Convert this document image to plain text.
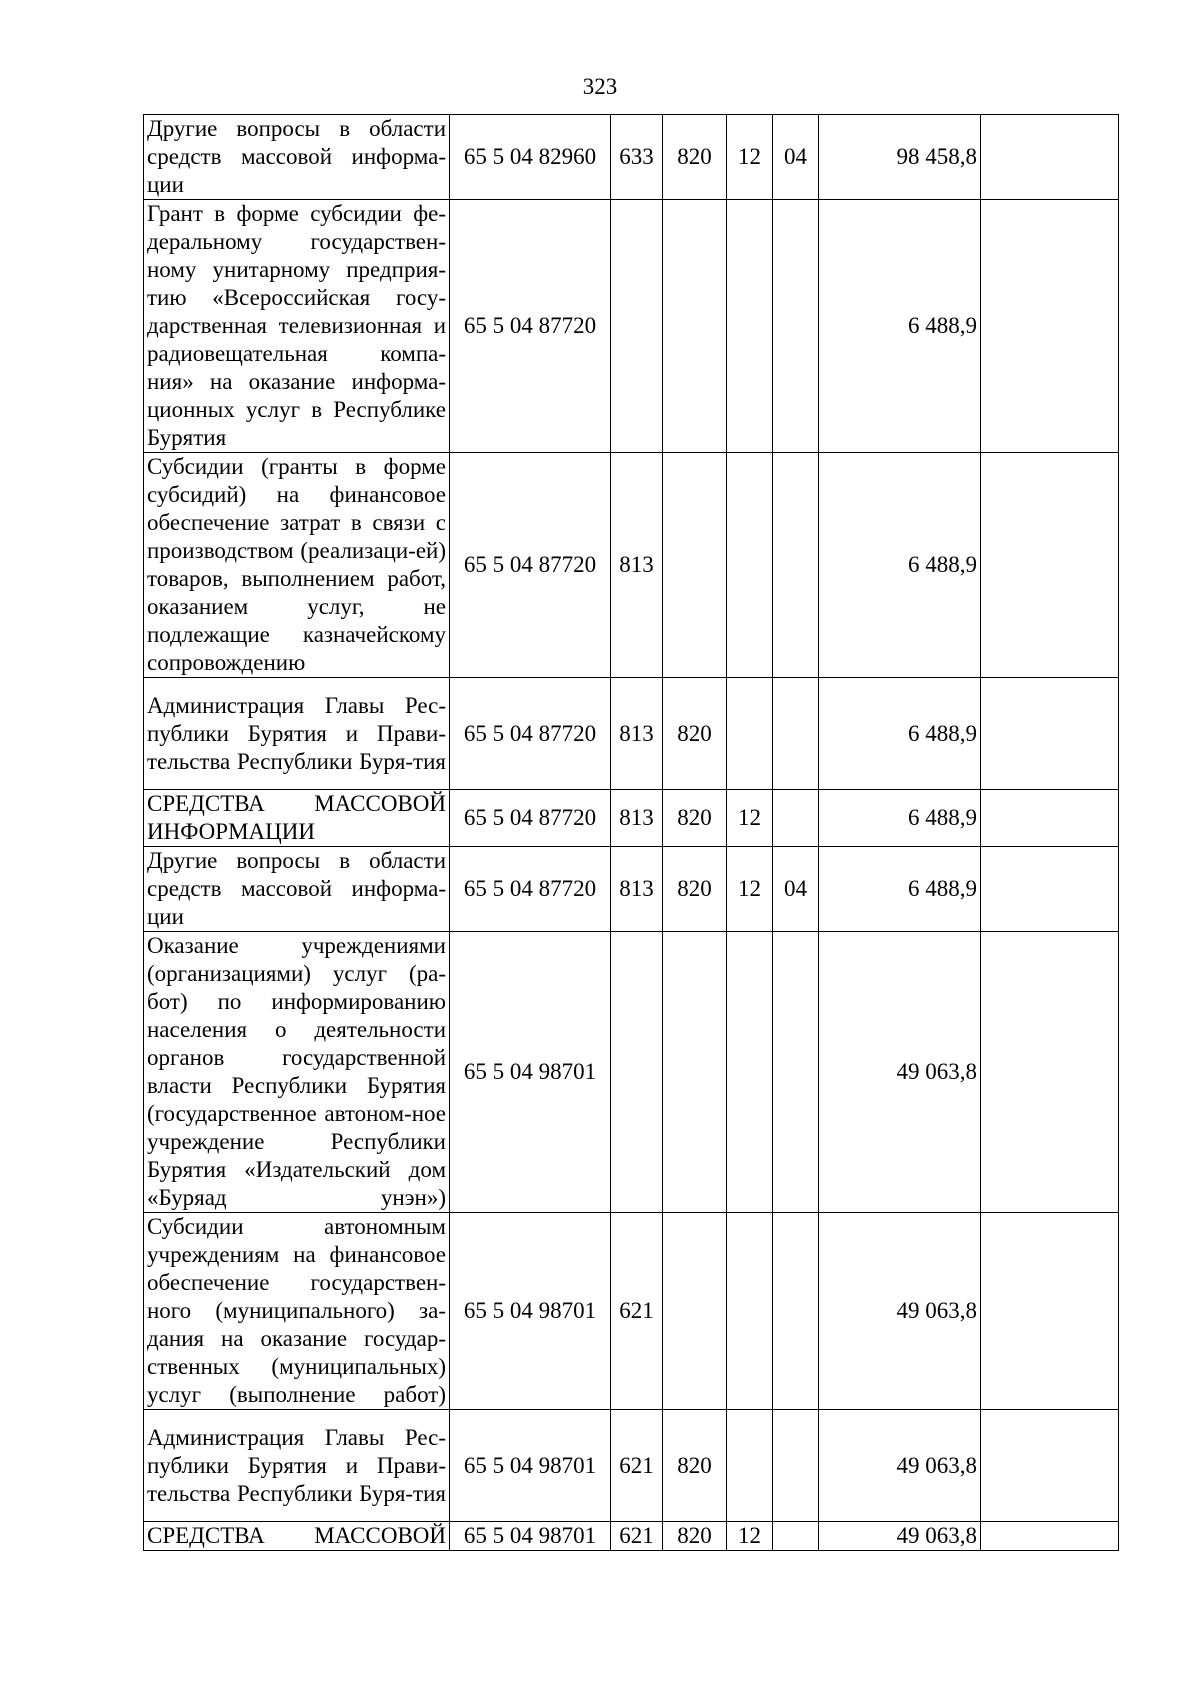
323
Другие вопросы в области средств массовой информа-ции	65 5 04 82960	633	820	12	04	98 458,8	
Грант в форме субсидии фе-деральному государствен-ному унитарному предприя-тию «Всероссийская госу-дарственная телевизионная и радиовещательная компа-ния» на оказание информа-ционных услуг в Республике Бурятия	65 5 04 87720					6 488,9	
Субсидии (гранты в форме субсидий) на финансовое обеспечение затрат в связи с производством (реализаци-ей) товаров, выполнением работ, оказанием услуг, не подлежащие казначейскому сопровождению	65 5 04 87720	813				6 488,9	
Администрация Главы Рес-публики Бурятия и Прави-тельства Республики Буря-тия	65 5 04 87720	813	820			6 488,9	
СРЕДСТВА МАССОВОЙ ИНФОРМАЦИИ	65 5 04 87720	813	820	12		6 488,9	
Другие вопросы в области средств массовой информа-ции	65 5 04 87720	813	820	12	04	6 488,9	
Оказание учреждениями (организациями) услуг (ра-бот) по информированию населения о деятельности органов государственной власти Республики Бурятия (государственное автоном-ное учреждение Республики Бурятия «Издательский дом «Буряад унэн»)	65 5 04 98701					49 063,8	
Субсидии автономным учреждениям на финансовое обеспечение государствен-ного (муниципального) за-дания на оказание государ-ственных (муниципальных) услуг (выполнение работ)	65 5 04 98701	621				49 063,8	
Администрация Главы Рес-публики Бурятия и Прави-тельства Республики Буря-тия	65 5 04 98701	621	820			49 063,8	
СРЕДСТВА МАССОВОЙ	65 5 04 98701	621	820	12		49 063,8	
